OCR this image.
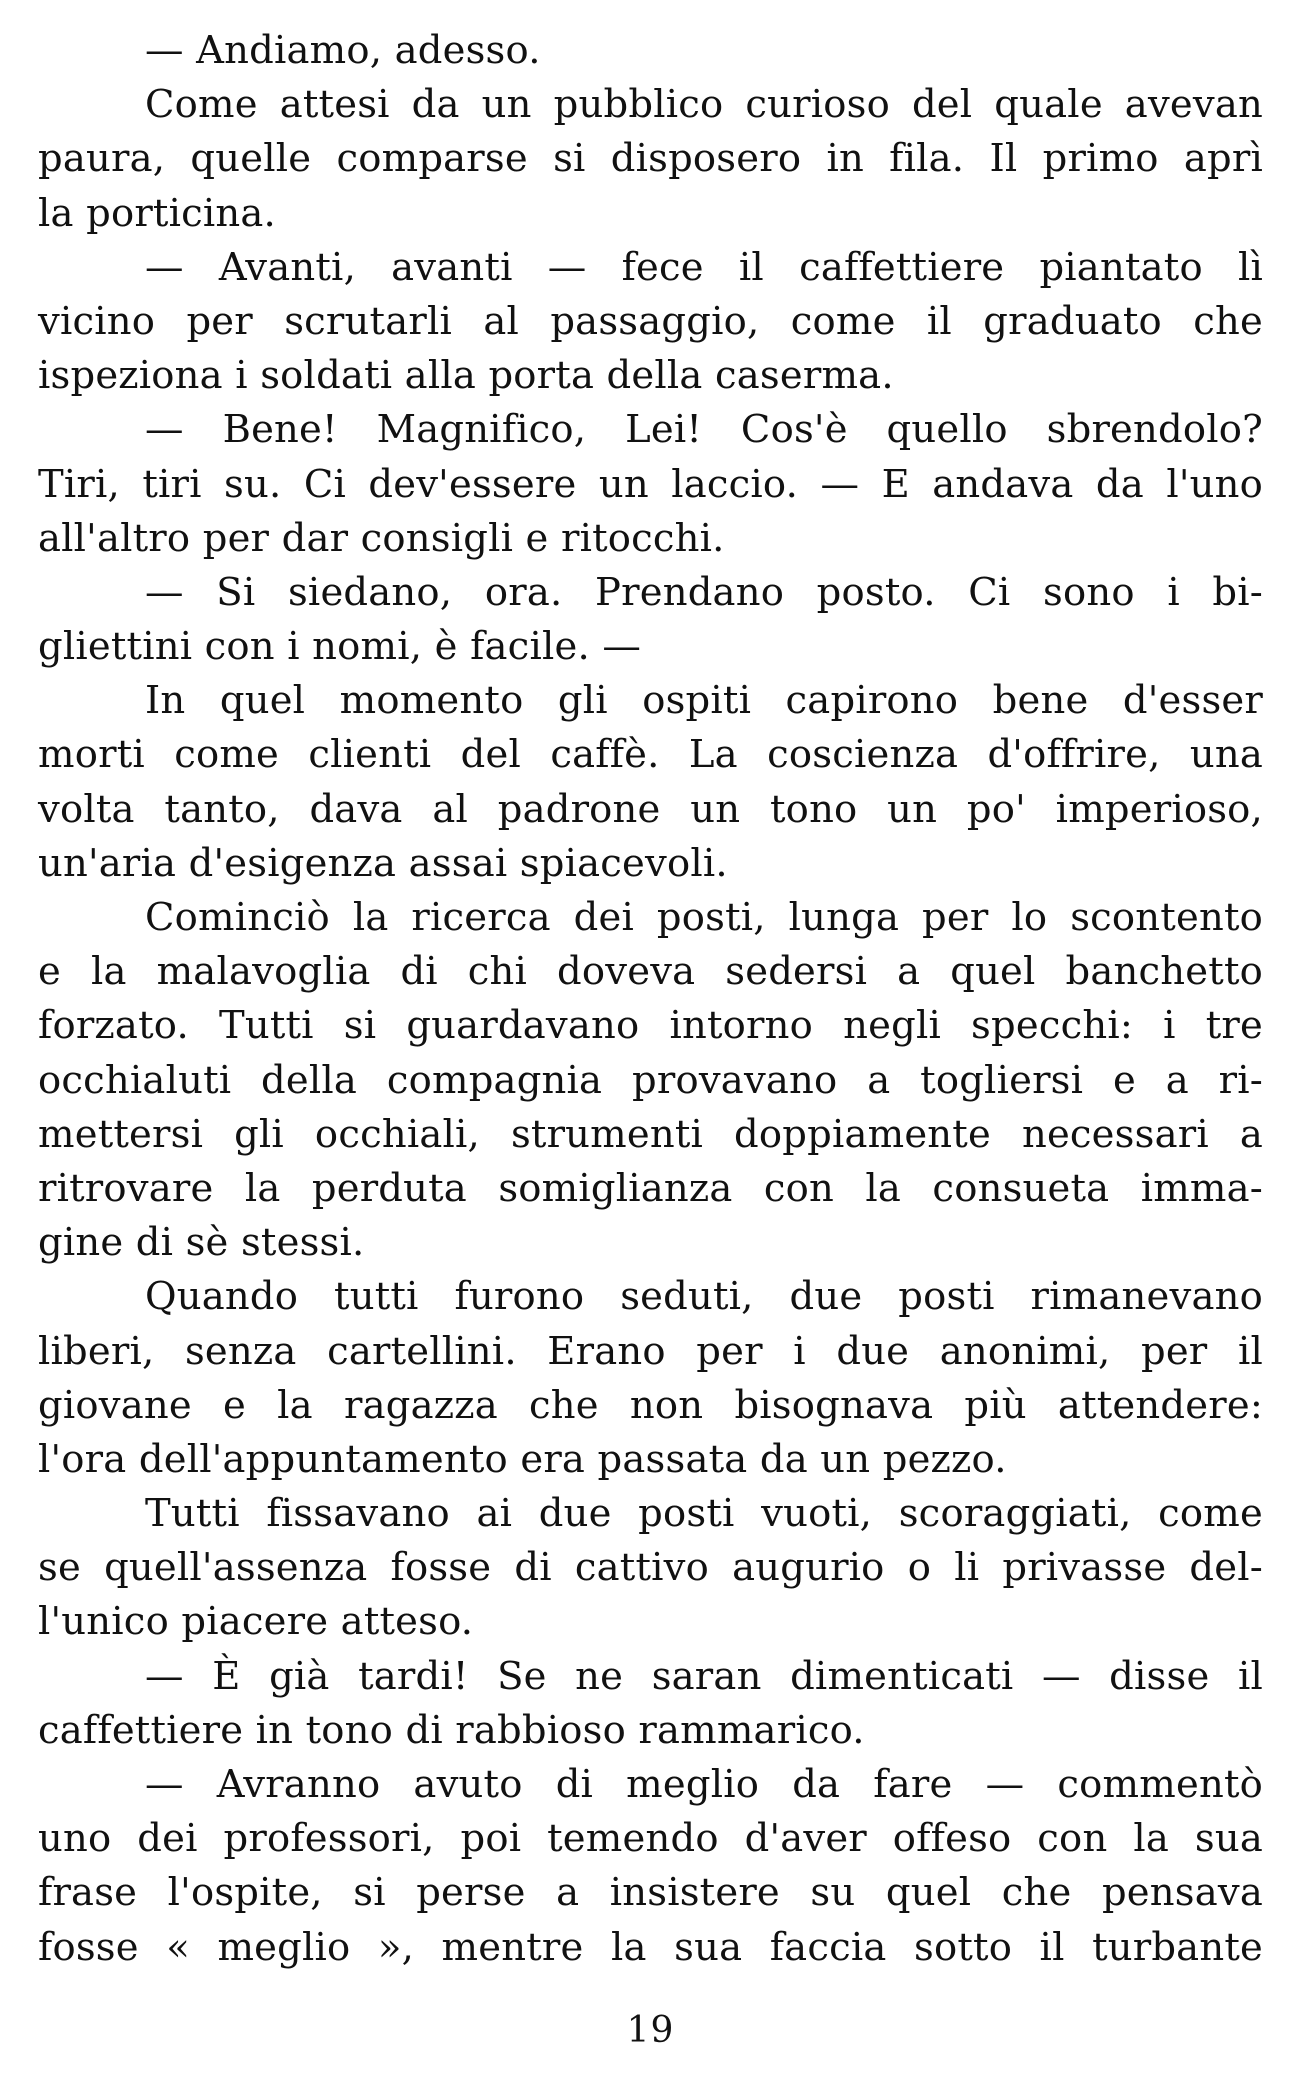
— Andiamo, adesso.
Come attesi da un pubblico curioso del quale avevan
paura, quelle comparse si disposero in fila. Il primo aprì
la porticina.
— Avanti, avanti — fece il caffettiere piantato lì
vicino per scrutarli al passaggio, come il graduato che
ispeziona i soldati alla porta della caserma.
— Bene! Magnifico, Lei! Cos'è quello sbrendolo?
Tiri, tiri su. Ci dev'essere un laccio. — E andava da l'uno
all'altro per dar consigli e ritocchi.
— Si siedano, ora. Prendano posto. Ci sono i bi-
gliettini con i nomi, è facile. —
In quel momento gli ospiti capirono bene d'esser
morti come clienti del caffè. La coscienza d'offrire, una
volta tanto, dava al padrone un tono un po' imperioso,
un'aria d'esigenza assai spiacevoli.
Cominciò la ricerca dei posti, lunga per lo scontento
e la malavoglia di chi doveva sedersi a quel banchetto
forzato. Tutti si guardavano intorno negli specchi: i tre
occhialuti della compagnia provavano a togliersi e a ri-
mettersi gli occhiali, strumenti doppiamente necessari a
ritrovare la perduta somiglianza con la consueta imma-
gine di sè stessi.
Quando tutti furono seduti, due posti rimanevano
liberi, senza cartellini. Erano per i due anonimi, per il
giovane e la ragazza che non bisognava più attendere:
l'ora dell'appuntamento era passata da un pezzo.
Tutti fissavano ai due posti vuoti, scoraggiati, come
se quell'assenza fosse di cattivo augurio o li privasse del-
l'unico piacere atteso.
— È già tardi! Se ne saran dimenticati — disse il
caffettiere in tono di rabbioso rammarico.
— Avranno avuto di meglio da fare — commentò
uno dei professori, poi temendo d'aver offeso con la sua
frase l'ospite, si perse a insistere su quel che pensava
fosse « meglio », mentre la sua faccia sotto il turbante
19
